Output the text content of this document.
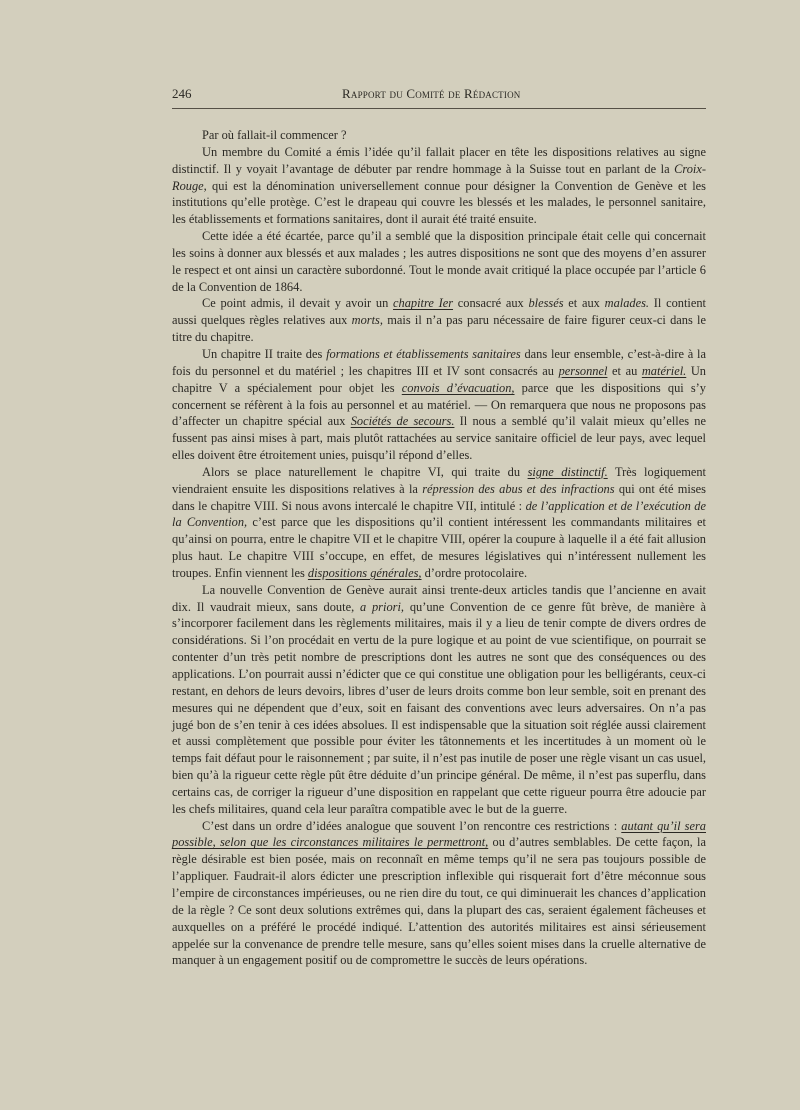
246	Rapport du Comité de Rédaction

Par où fallait-il commencer ?

Un membre du Comité a émis l’idée qu’il fallait placer en tête les dispositions relatives au signe distinctif. Il y voyait l’avantage de débuter par rendre hommage à la Suisse tout en parlant de la Croix-Rouge, qui est la dénomination universellement connue pour désigner la Convention de Genève et les institutions qu’elle protège. C’est le drapeau qui couvre les blessés et les malades, le personnel sanitaire, les établissements et formations sanitaires, dont il aurait été traité ensuite.

Cette idée a été écartée, parce qu’il a semblé que la disposition principale était celle qui concernait les soins à donner aux blessés et aux malades ; les autres dispositions ne sont que des moyens d’en assurer le respect et ont ainsi un caractère subordonné. Tout le monde avait critiqué la place occupée par l’article 6 de la Convention de 1864.

Ce point admis, il devait y avoir un chapitre Ier consacré aux blessés et aux malades. Il contient aussi quelques règles relatives aux morts, mais il n’a pas paru nécessaire de faire figurer ceux-ci dans le titre du chapitre.

Un chapitre II traite des formations et établissements sanitaires dans leur ensemble, c’est-à-dire à la fois du personnel et du matériel ; les chapitres III et IV sont consacrés au personnel et au matériel. Un chapitre V a spécialement pour objet les convois d’évacuation, parce que les dispositions qui s’y concernent se réfèrent à la fois au personnel et au matériel. — On remarquera que nous ne proposons pas d’affecter un chapitre spécial aux Sociétés de secours. Il nous a semblé qu’il valait mieux qu’elles ne fussent pas ainsi mises à part, mais plutôt rattachées au service sanitaire officiel de leur pays, avec lequel elles doivent être étroitement unies, puisqu’il répond d’elles.

Alors se place naturellement le chapitre VI, qui traite du signe distinctif. Très logiquement viendraient ensuite les dispositions relatives à la répression des abus et des infractions qui ont été mises dans le chapitre VIII. Si nous avons intercalé le chapitre VII, intitulé : de l’application et de l’exécution de la Convention, c’est parce que les dispositions qu’il contient intéressent les commandants militaires et qu’ainsi on pourra, entre le chapitre VII et le chapitre VIII, opérer la coupure à laquelle il a été fait allusion plus haut. Le chapitre VIII s’occupe, en effet, de mesures législatives qui n’intéressent nullement les troupes. Enfin viennent les dispositions générales, d’ordre protocolaire.

La nouvelle Convention de Genève aurait ainsi trente-deux articles tandis que l’ancienne en avait dix. Il vaudrait mieux, sans doute, a priori, qu’une Convention de ce genre fût brève, de manière à s’incorporer facilement dans les règlements militaires, mais il y a lieu de tenir compte de divers ordres de considérations. Si l’on procédait en vertu de la pure logique et au point de vue scientifique, on pourrait se contenter d’un très petit nombre de prescriptions dont les autres ne sont que des conséquences ou des applications. L’on pourrait aussi n’édicter que ce qui constitue une obligation pour les belligérants, ceux-ci restant, en dehors de leurs devoirs, libres d’user de leurs droits comme bon leur semble, soit en prenant des mesures qui ne dépendent que d’eux, soit en faisant des conventions avec leurs adversaires. On n’a pas jugé bon de s’en tenir à ces idées absolues. Il est indispensable que la situation soit réglée aussi clairement et aussi complètement que possible pour éviter les tâtonnements et les incertitudes à un moment où le temps fait défaut pour le raisonnement ; par suite, il n’est pas inutile de poser une règle visant un cas usuel, bien qu’à la rigueur cette règle pût être déduite d’un principe général. De même, il n’est pas superflu, dans certains cas, de corriger la rigueur d’une disposition en rappelant que cette rigueur pourra être adoucie par les chefs militaires, quand cela leur paraîtra compatible avec le but de la guerre.

C’est dans un ordre d’idées analogue que souvent l’on rencontre ces restrictions : autant qu’il sera possible, selon que les circonstances militaires le permettront, ou d’autres semblables. De cette façon, la règle désirable est bien posée, mais on reconnaît en même temps qu’il ne sera pas toujours possible de l’appliquer. Faudrait-il alors édicter une prescription inflexible qui risquerait fort d’être méconnue sous l’empire de circonstances impérieuses, ou ne rien dire du tout, ce qui diminuerait les chances d’application de la règle ? Ce sont deux solutions extrêmes qui, dans la plupart des cas, seraient également fâcheuses et auxquelles on a préféré le procédé indiqué. L’attention des autorités militaires est ainsi sérieusement appelée sur la convenance de prendre telle mesure, sans qu’elles soient mises dans la cruelle alternative de manquer à un engagement positif ou de compromettre le succès de leurs opérations.
